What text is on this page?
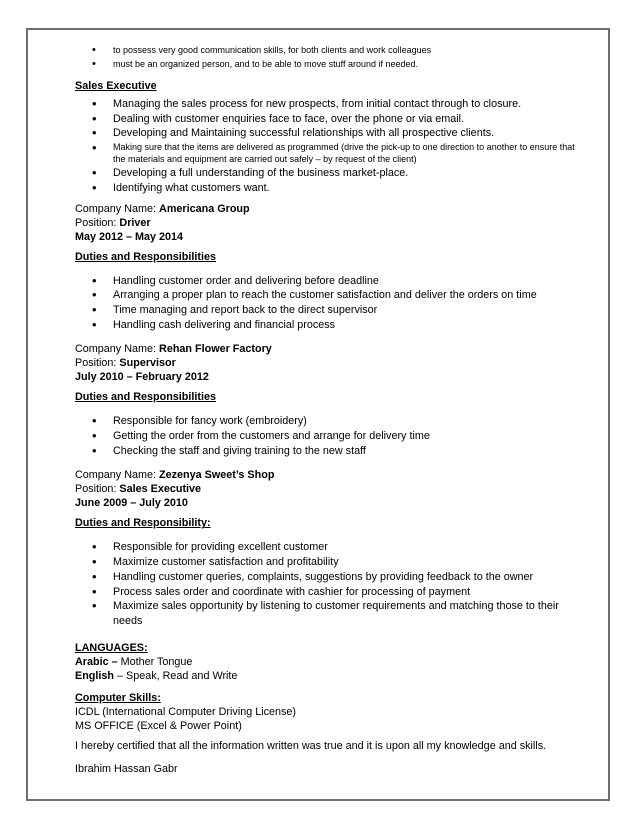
• to possess very good communication skills, for both clients and work colleagues
• must be an organized person, and to be able to move stuff around if needed.
Sales Executive
• Managing the sales process for new prospects, from initial contact through to closure.
• Dealing with customer enquiries face to face, over the phone or via email.
• Developing and Maintaining successful relationships with all prospective clients.
• Making sure that the items are delivered as programmed (drive the pick-up to one direction to another to ensure that the materials and equipment are carried out safely – by request of the client)
• Developing a full understanding of the business market-place.
• Identifying what customers want.
Company Name: Americana Group
Position: Driver
May 2012 – May 2014
Duties and Responsibilities
• Handling customer order and delivering before deadline
• Arranging a proper plan to reach the customer satisfaction and deliver the orders on time
• Time managing and report back to the direct supervisor
• Handling cash delivering and financial process
Company Name: Rehan Flower Factory
Position: Supervisor
July 2010 – February 2012
Duties and Responsibilities
• Responsible for fancy work (embroidery)
• Getting the order from the customers and arrange for delivery time
• Checking the staff and giving training to the new staff
Company Name: Zezenya Sweet’s Shop
Position: Sales Executive
June 2009 – July 2010
Duties and Responsibility:
• Responsible for providing excellent customer
• Maximize customer satisfaction and profitability
• Handling customer queries, complaints, suggestions by providing feedback to the owner
• Process sales order and coordinate with cashier for processing of payment
• Maximize sales opportunity by listening to customer requirements and matching those to their needs
LANGUAGES:
Arabic – Mother Tongue
English – Speak, Read and Write
Computer Skills:
ICDL (International Computer Driving License)
MS OFFICE (Excel & Power Point)
I hereby certified that all the information written was true and it is upon all my knowledge and skills.
Ibrahim Hassan Gabr
